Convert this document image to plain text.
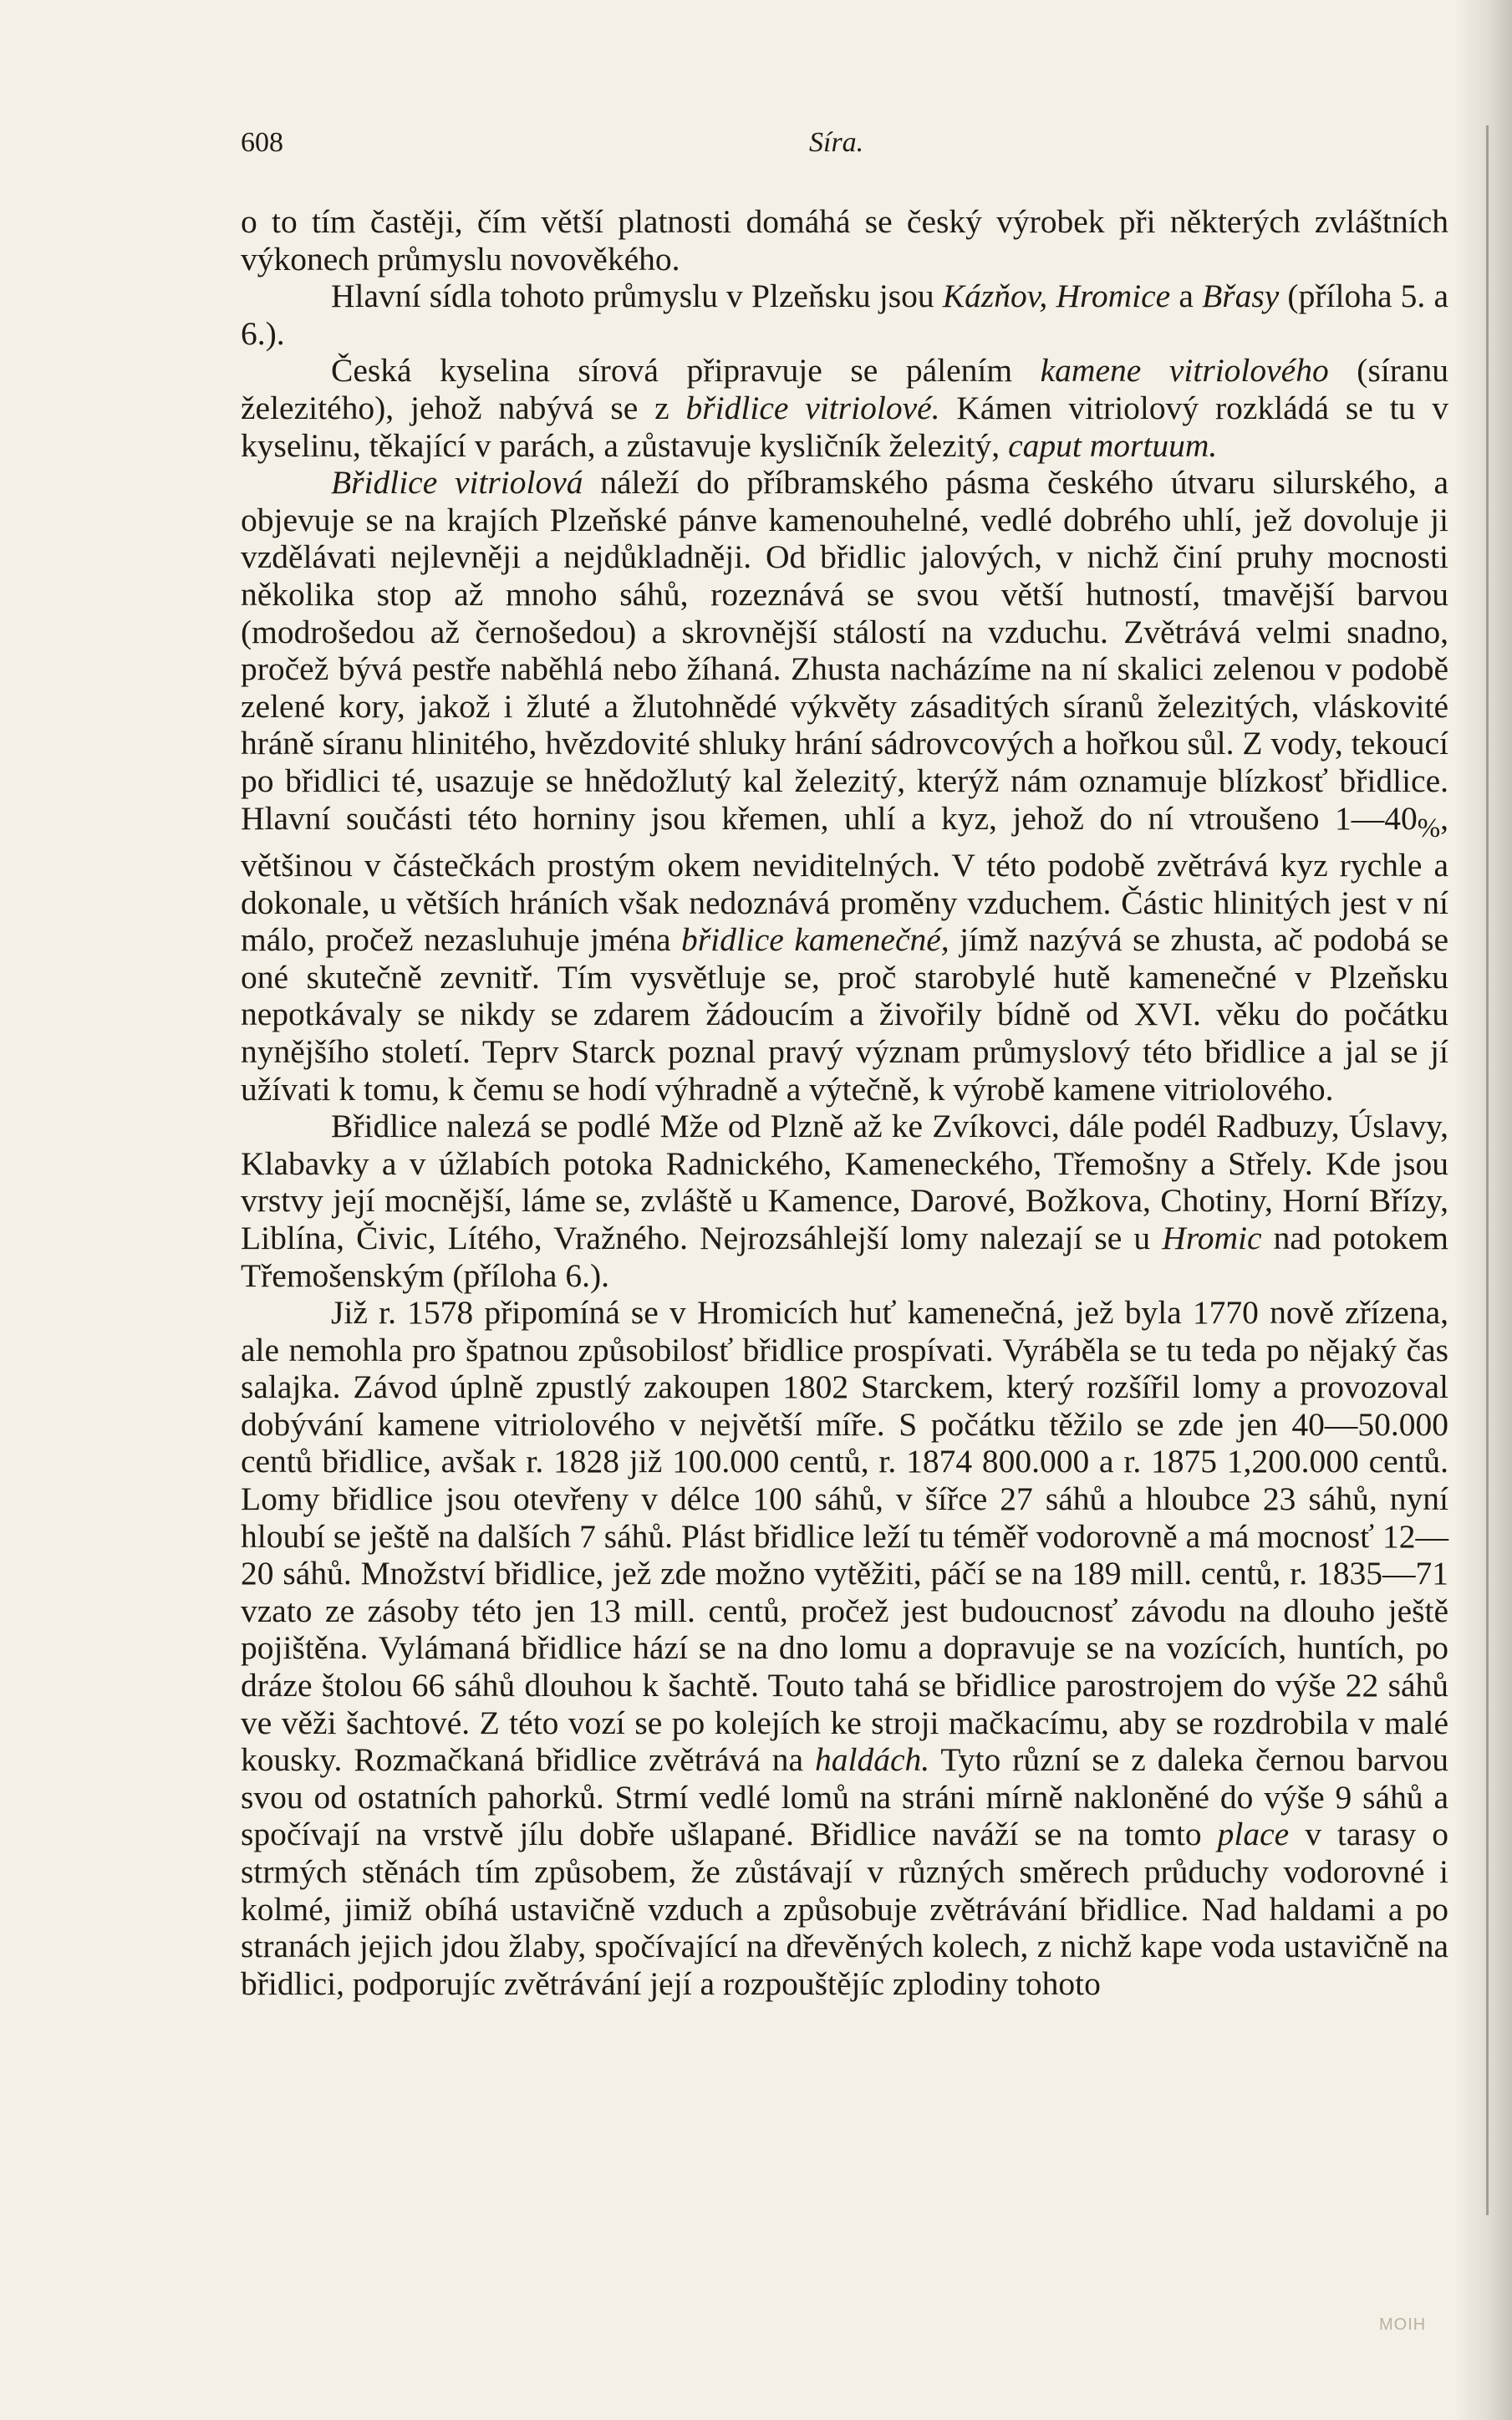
608	Síra.

o to tím častěji, čím větší platnosti domáhá se český výrobek při některých zvláštních výkonech průmyslu novověkého.

Hlavní sídla tohoto průmyslu v Plzeňsku jsou Kázňov, Hromice a Břasy (příloha 5. a 6.).

Česká kyselina sírová připravuje se pálením kamene vitriolového (síranu železitého), jehož nabývá se z břidlice vitriolové. Kámen vitriolový rozkládá se tu v kyselinu, těkající v parách, a zůstavuje kysličník železitý, caput mortuum.

Břidlice vitriolová náleží do příbramského pásma českého útvaru silurského, a objevuje se na krajích Plzeňské pánve kamenouhelné, vedlé dobrého uhlí, jež dovoluje ji vzdělávati nejlevněji a nejdůkladněji. Od břidlic jalových, v nichž činí pruhy mocnosti několika stop až mnoho sáhů, rozeznává se svou větší hutností, tmavější barvou (modrošedou až černošedou) a skrovnější stálostí na vzduchu. Zvětrává velmi snadno, pročež bývá pestře naběhlá nebo žíhaná. Zhusta nacházíme na ní skalici zelenou v podobě zelené kory, jakož i žluté a žlutohnědé výkvěty zásaditých síranů železitých, vláskovité hráně síranu hlinitého, hvězdovité shluky hrání sádrovcových a hořkou sůl. Z vody, tekoucí po břidlici té, usazuje se hnědožlutý kal železitý, kterýž nám oznamuje blízkosť břidlice. Hlavní součásti této horniny jsou křemen, uhlí a kyz, jehož do ní vtroušeno $1—40_{\%}$, většinou v částečkách prostým okem neviditelných. V této podobě zvětrává kyz rychle a dokonale, u větších hráních však nedoznává proměny vzduchem. Částic hlinitých jest v ní málo, pročež nezasluhuje jména břidlice kamenečné, jímž nazývá se zhusta, ač podobá se oné skutečně zevnitř. Tím vysvětluje se, proč starobylé hutě kamenečné v Plzeňsku nepotkávaly se nikdy se zdarem žádoucím a živořily bídně od XVI. věku do počátku nynějšího století. Teprv Starck poznal pravý význam průmyslový této břidlice a jal se jí užívati k tomu, k čemu se hodí výhradně a výtečně, k výrobě kamene vitriolového.

Břidlice nalezá se podlé Mže od Plzně až ke Zvíkovci, dále podél Radbuzy, Úslavy, Klabavky a v úžlabích potoka Radnického, Kameneckého, Třemošny a Střely. Kde jsou vrstvy její mocnější, láme se, zvláště u Kamence, Darové, Božkova, Chotiny, Horní Břízy, Liblína, Čivic, Lítého, Vražného. Nejrozsáhlejší lomy nalezají se u Hromic nad potokem Třemošenským (příloha 6.).

Již r. 1578 připomíná se v Hromicích huť kamenečná, jež byla 1770 nově zřízena, ale nemohla pro špatnou způsobilosť břidlice prospívati. Vyráběla se tu teda po nějaký čas salajka. Závod úplně zpustlý zakoupen 1802 Starckem, který rozšířil lomy a provozoval dobývání kamene vitriolového v největší míře. S počátku těžilo se zde jen 40—50.000 centů břidlice, avšak r. 1828 již 100.000 centů, r. 1874 800.000 a r. 1875 1,200.000 centů. Lomy břidlice jsou otevřeny v délce 100 sáhů, v šířce 27 sáhů a hloubce 23 sáhů, nyní hloubí se ještě na dalších 7 sáhů. Plást břidlice leží tu téměř vodorovně a má mocnosť 12—20 sáhů. Množství břidlice, jež zde možno vytěžiti, páčí se na 189 mill. centů, r. 1835—71 vzato ze zásoby této jen 13 mill. centů, pročež jest budoucnosť závodu na dlouho ještě pojištěna. Vylámaná břidlice hází se na dno lomu a dopravuje se na vozících, huntích, po dráze štolou 66 sáhů dlouhou k šachtě. Touto tahá se břidlice parostrojem do výše 22 sáhů ve věži šachtové. Z této vozí se po kolejích ke stroji mačkacímu, aby se rozdrobila v malé kousky. Rozmačkaná břidlice zvětrává na haldách. Tyto různí se z daleka černou barvou svou od ostatních pahorků. Strmí vedlé lomů na stráni mírně nakloněné do výše 9 sáhů a spočívají na vrstvě jílu dobře ušlapané. Břidlice naváží se na tomto place v tarasy o strmých stěnách tím způsobem, že zůstávají v různých směrech průduchy vodorovné i kolmé, jimiž obíhá ustavičně vzduch a způsobuje zvětrávání břidlice. Nad haldami a po stranách jejich jdou žlaby, spočívající na dřevěných kolech, z nichž kape voda ustavičně na břidlici, podporujíc zvětrávání její a rozpouštějíc zplodiny tohoto

MOIH
